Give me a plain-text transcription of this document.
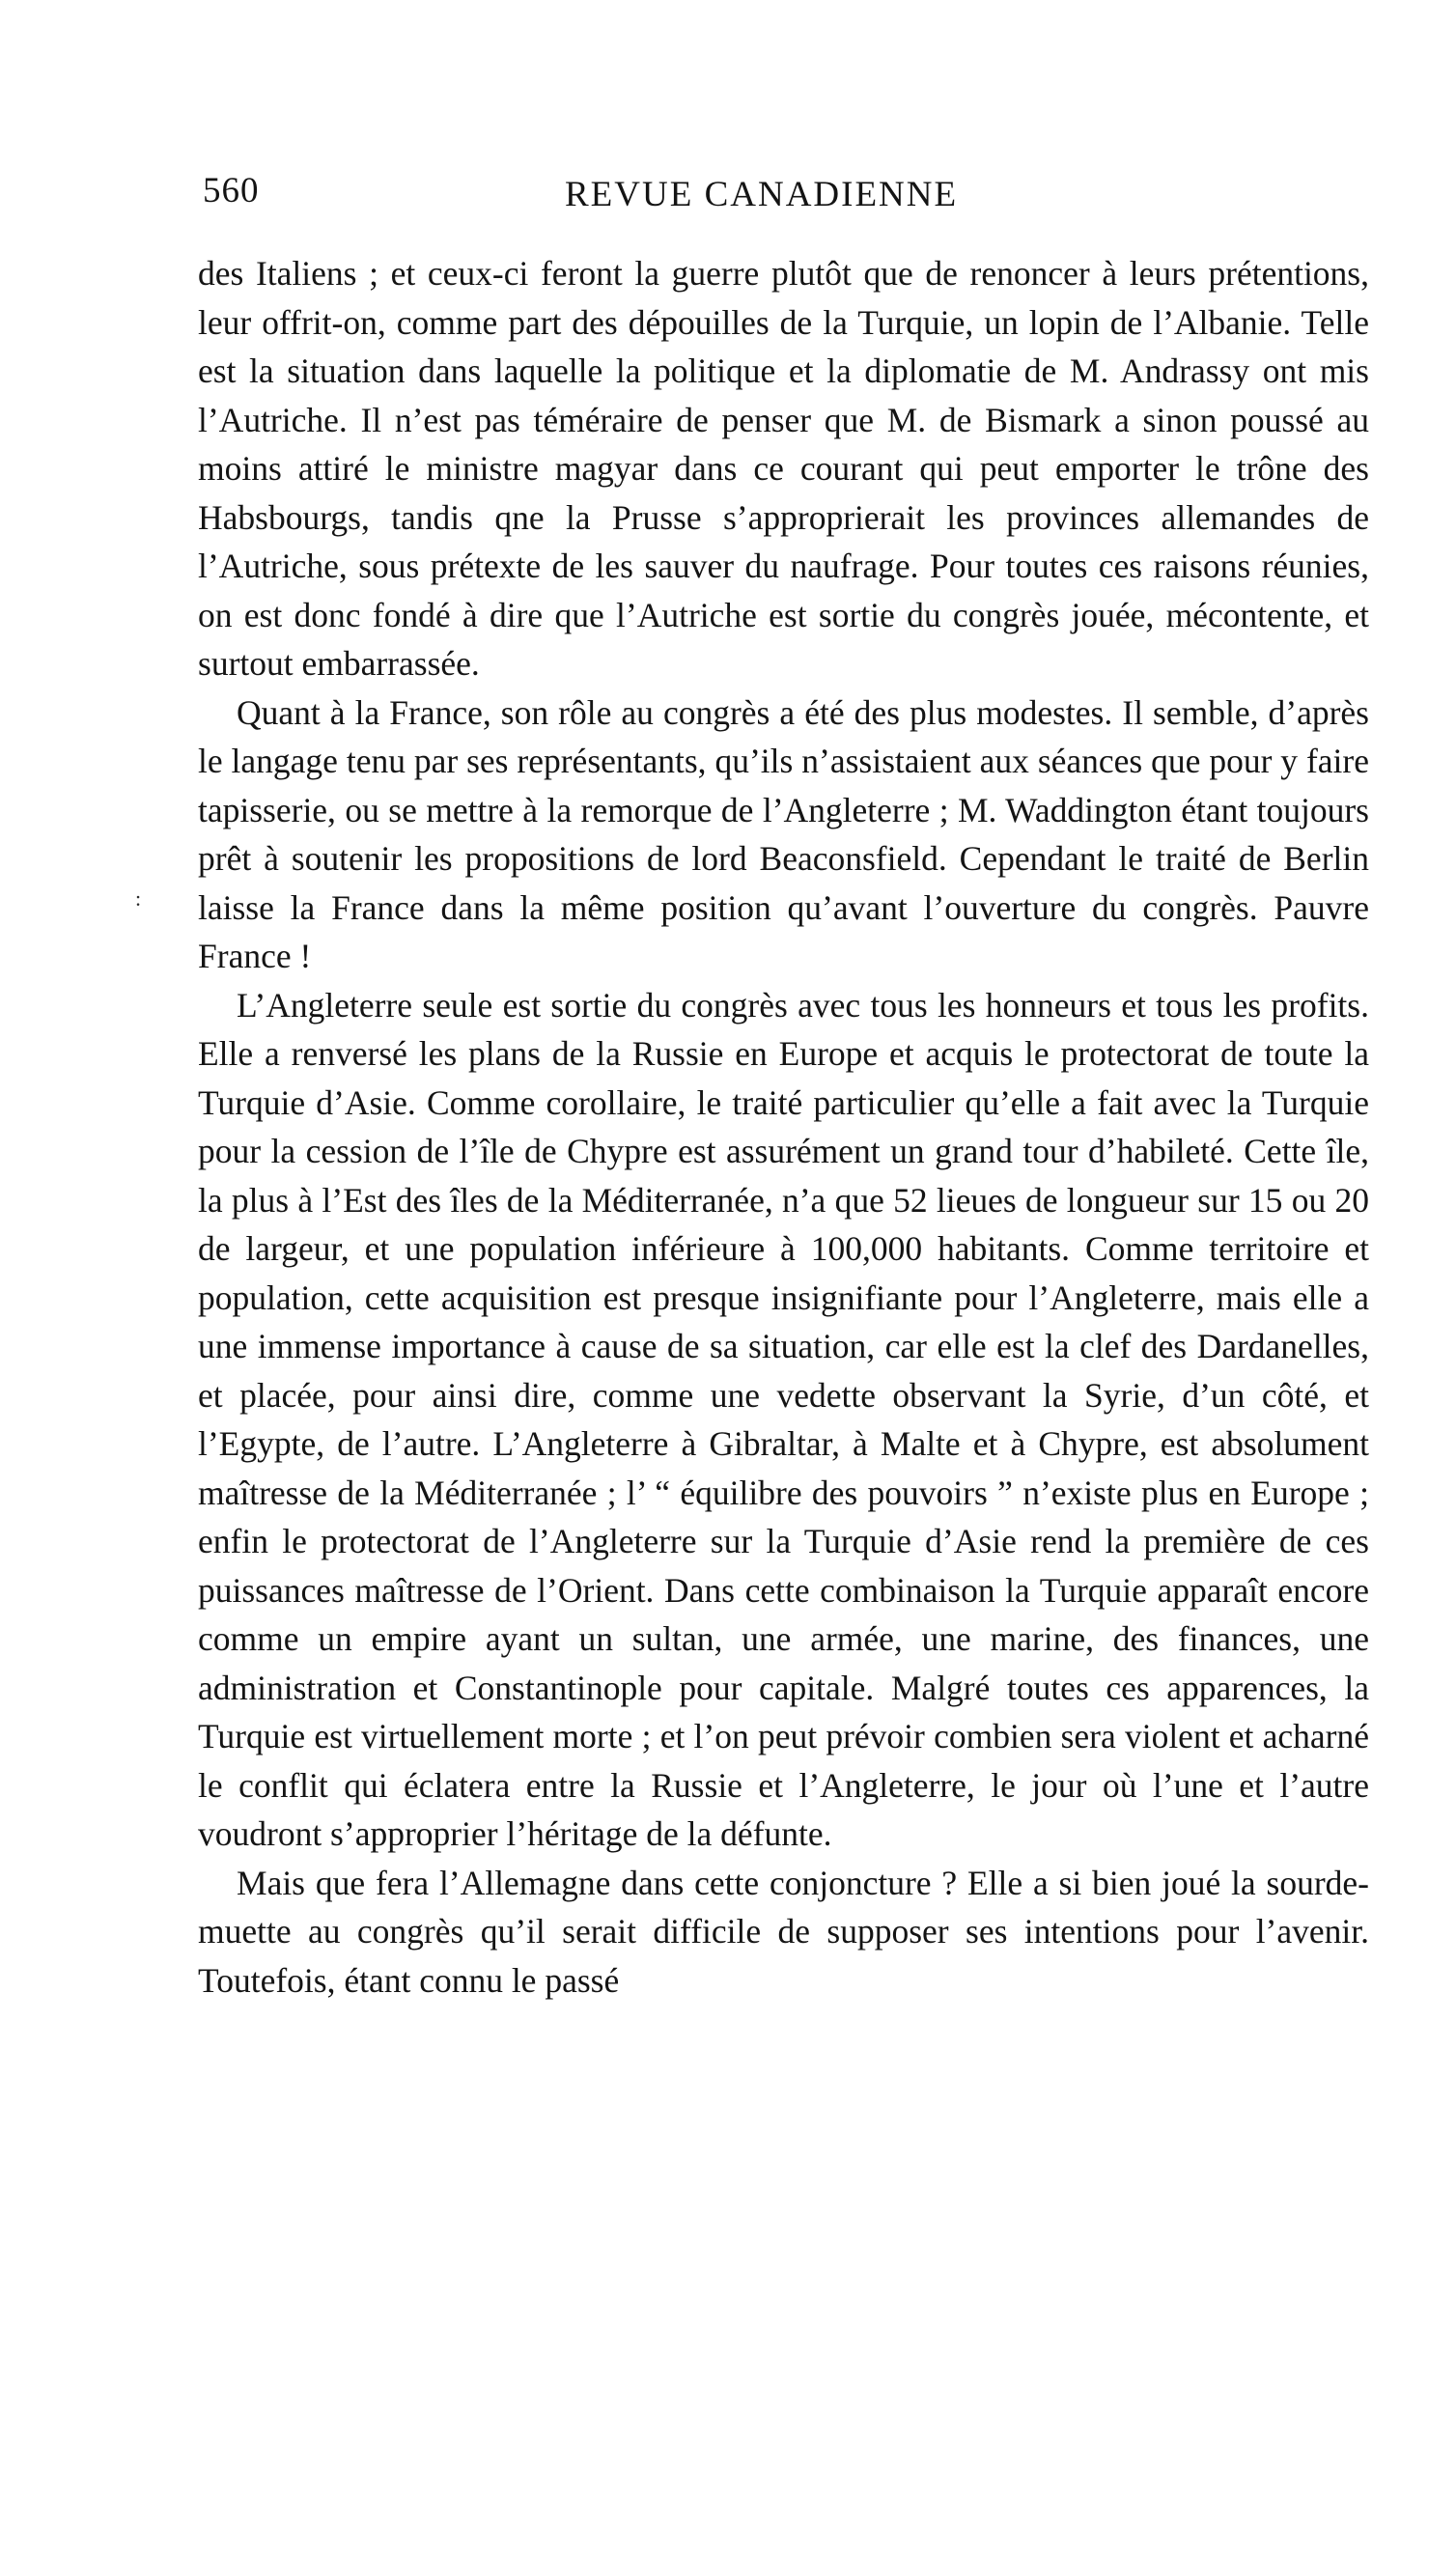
560	REVUE CANADIENNE
:

des Italiens ; et ceux-ci feront la guerre plutôt que de renoncer à leurs prétentions, leur offrit-on, comme part des dépouilles de la Turquie, un lopin de l’Albanie. Telle est la situation dans laquelle la politique et la diplomatie de M. Andrassy ont mis l’Autriche. Il n’est pas téméraire de penser que M. de Bismark a sinon poussé au moins attiré le ministre magyar dans ce courant qui peut emporter le trône des Habsbourgs, tandis qne la Prusse s’approprierait les provinces allemandes de l’Autriche, sous prétexte de les sauver du naufrage. Pour toutes ces raisons réunies, on est donc fondé à dire que l’Autriche est sortie du congrès jouée, mécontente, et surtout embarrassée.

Quant à la France, son rôle au congrès a été des plus modestes. Il semble, d’après le langage tenu par ses représentants, qu’ils n’assistaient aux séances que pour y faire tapisserie, ou se mettre à la remorque de l’Angleterre ; M. Waddington étant toujours prêt à soutenir les propositions de lord Beaconsfield. Cependant le traité de Berlin laisse la France dans la même position qu’avant l’ouverture du congrès. Pauvre France !

L’Angleterre seule est sortie du congrès avec tous les honneurs et tous les profits. Elle a renversé les plans de la Russie en Europe et acquis le protectorat de toute la Turquie d’Asie. Comme corollaire, le traité particulier qu’elle a fait avec la Turquie pour la cession de l’île de Chypre est assurément un grand tour d’habileté. Cette île, la plus à l’Est des îles de la Méditerranée, n’a que 52 lieues de longueur sur 15 ou 20 de largeur, et une population inférieure à 100,000 habitants. Comme territoire et population, cette acquisition est presque insignifiante pour l’Angleterre, mais elle a une immense importance à cause de sa situation, car elle est la clef des Dardanelles, et placée, pour ainsi dire, comme une vedette observant la Syrie, d’un côté, et l’Egypte, de l’autre. L’Angleterre à Gibraltar, à Malte et à Chypre, est absolument maîtresse de la Méditerranée ; l’ “ équilibre des pouvoirs ” n’existe plus en Europe ; enfin le protectorat de l’Angleterre sur la Turquie d’Asie rend la première de ces puissances maîtresse de l’Orient. Dans cette combinaison la Turquie apparaît encore comme un empire ayant un sultan, une armée, une marine, des finances, une administration et Constantinople pour capitale. Malgré toutes ces apparences, la Turquie est virtuellement morte ; et l’on peut prévoir combien sera violent et acharné le conflit qui éclatera entre la Russie et l’Angleterre, le jour où l’une et l’autre voudront s’approprier l’héritage de la défunte.

Mais que fera l’Allemagne dans cette conjoncture ? Elle a si bien joué la sourde-muette au congrès qu’il serait difficile de supposer ses intentions pour l’avenir. Toutefois, étant connu le passé
